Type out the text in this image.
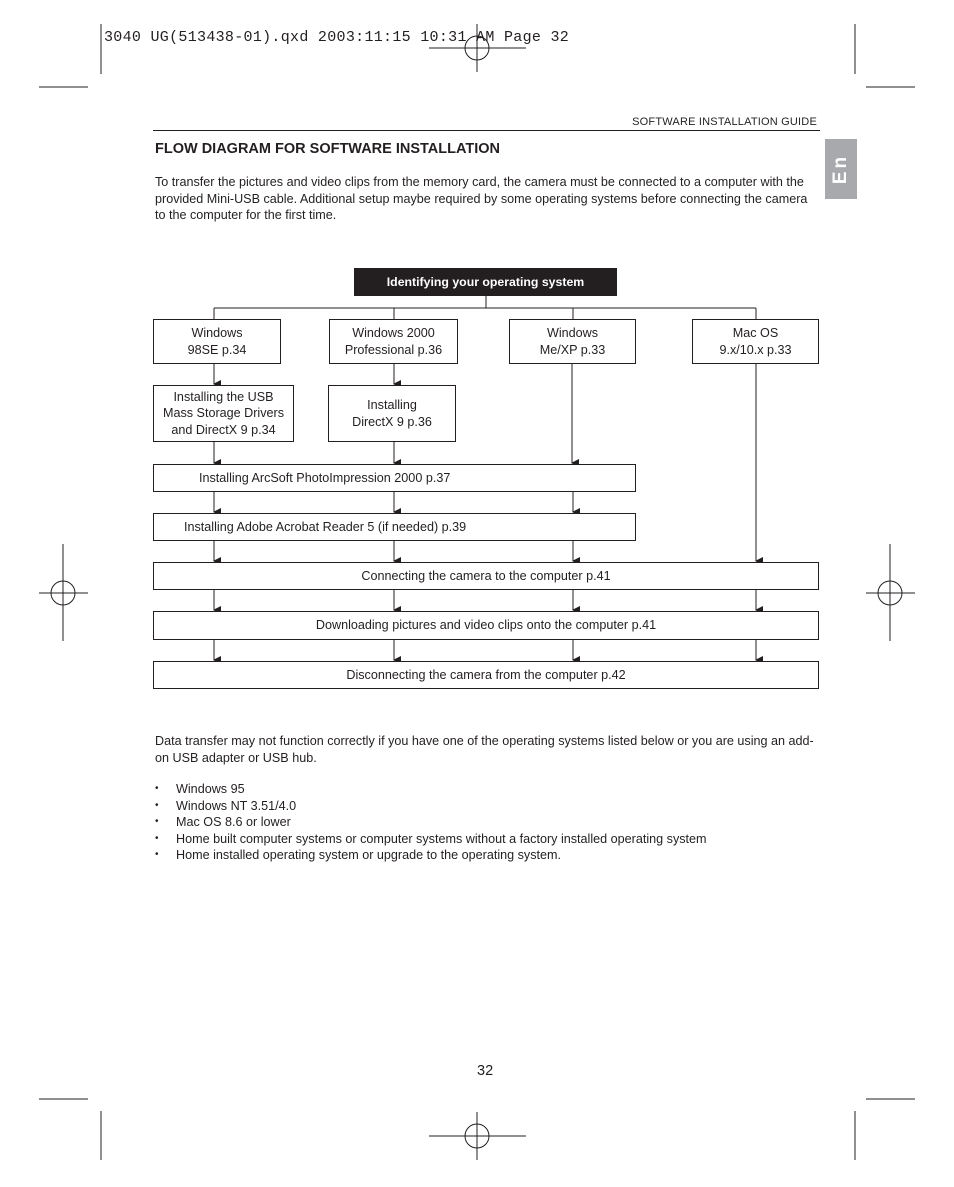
3040 UG(513438-01).qxd 2003:11:15 10:31 AM Page 32
SOFTWARE INSTALLATION GUIDE
En
FLOW DIAGRAM FOR SOFTWARE INSTALLATION
To transfer the pictures and video clips from the memory card, the camera must be connected to a computer with the provided Mini-USB cable. Additional setup maybe required by some operating systems before connecting the camera to the computer for the first time.
Identifying your operating system
Windows
98SE p.34
Windows 2000
Professional p.36
Windows
Me/XP p.33
Mac OS
9.x/10.x p.33
Installing the USB
Mass Storage Drivers
and DirectX 9 p.34
Installing
DirectX 9 p.36
Installing ArcSoft PhotoImpression 2000 p.37
Installing Adobe Acrobat Reader 5 (if needed) p.39
Connecting the camera to the computer p.41
Downloading pictures and video clips onto the computer p.41
Disconnecting the camera from the computer p.42
Data transfer may not function correctly if you have one of the operating systems listed below or you are using an add-on USB adapter or USB hub.
• Windows 95
• Windows NT 3.51/4.0
• Mac OS 8.6 or lower
• Home built computer systems or computer systems without a factory installed operating system
• Home installed operating system or upgrade to the operating system.
32
